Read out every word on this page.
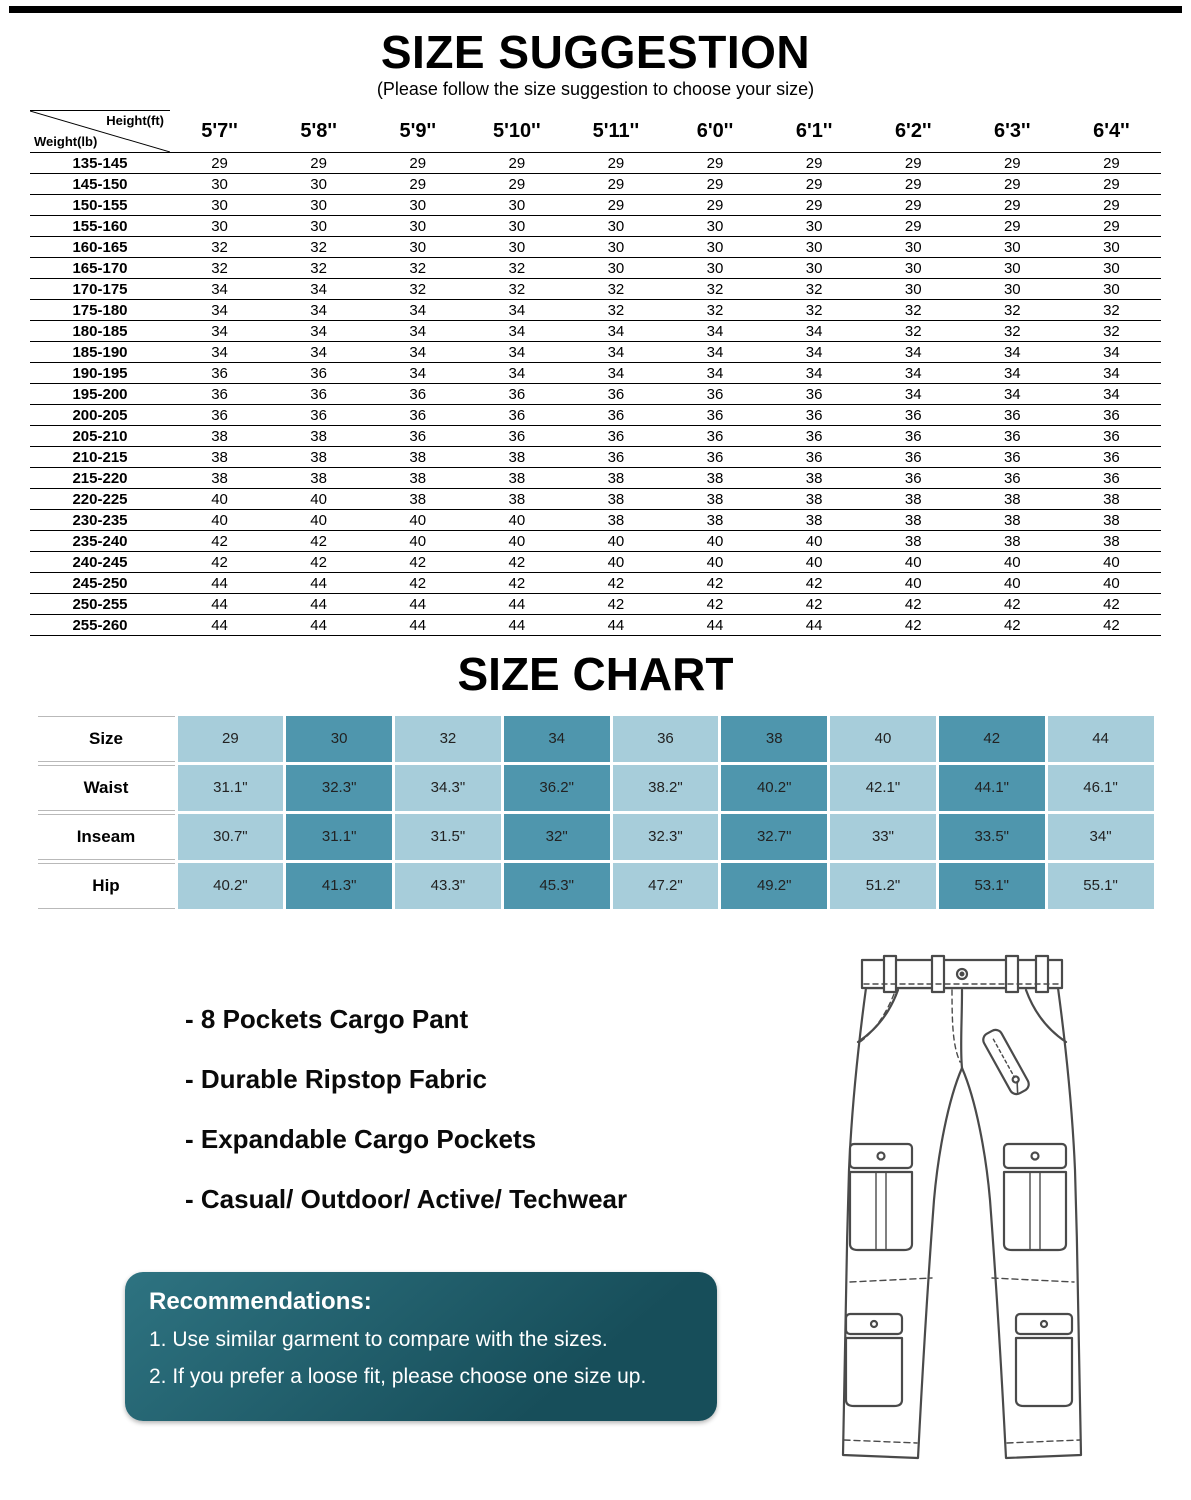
SIZE SUGGESTION

(Please follow the size suggestion to choose your size)

Height(ft)
Weight(lb)	5'7''	5'8''	5'9''	5'10''	5'11''	6'0''	6'1''	6'2''	6'3''	6'4''
135-145	29	29	29	29	29	29	29	29	29	29
145-150	30	30	29	29	29	29	29	29	29	29
150-155	30	30	30	30	29	29	29	29	29	29
155-160	30	30	30	30	30	30	30	29	29	29
160-165	32	32	30	30	30	30	30	30	30	30
165-170	32	32	32	32	30	30	30	30	30	30
170-175	34	34	32	32	32	32	32	30	30	30
175-180	34	34	34	34	32	32	32	32	32	32
180-185	34	34	34	34	34	34	34	32	32	32
185-190	34	34	34	34	34	34	34	34	34	34
190-195	36	36	34	34	34	34	34	34	34	34
195-200	36	36	36	36	36	36	36	34	34	34
200-205	36	36	36	36	36	36	36	36	36	36
205-210	38	38	36	36	36	36	36	36	36	36
210-215	38	38	38	38	36	36	36	36	36	36
215-220	38	38	38	38	38	38	38	36	36	36
220-225	40	40	38	38	38	38	38	38	38	38
230-235	40	40	40	40	38	38	38	38	38	38
235-240	42	42	40	40	40	40	40	38	38	38
240-245	42	42	42	42	40	40	40	40	40	40
245-250	44	44	42	42	42	42	42	40	40	40
250-255	44	44	44	44	42	42	42	42	42	42
255-260	44	44	44	44	44	44	44	42	42	42
SIZE CHART
Size	29	30	32	34	36	38	40	42	44
Waist	31.1"	32.3"	34.3"	36.2"	38.2"	40.2"	42.1"	44.1"	46.1"
Inseam	30.7"	31.1"	31.5"	32"	32.3"	32.7"	33"	33.5"	34"
Hip	40.2"	41.3"	43.3"	45.3"	47.2"	49.2"	51.2"	53.1"	55.1"
- 8 Pockets Cargo Pant
- Durable Ripstop Fabric
- Expandable Cargo Pockets
- Casual/ Outdoor/ Active/ Techwear
Recommendations:
1. Use similar garment to compare with the sizes.
2. If you prefer a loose fit, please choose one size up.
